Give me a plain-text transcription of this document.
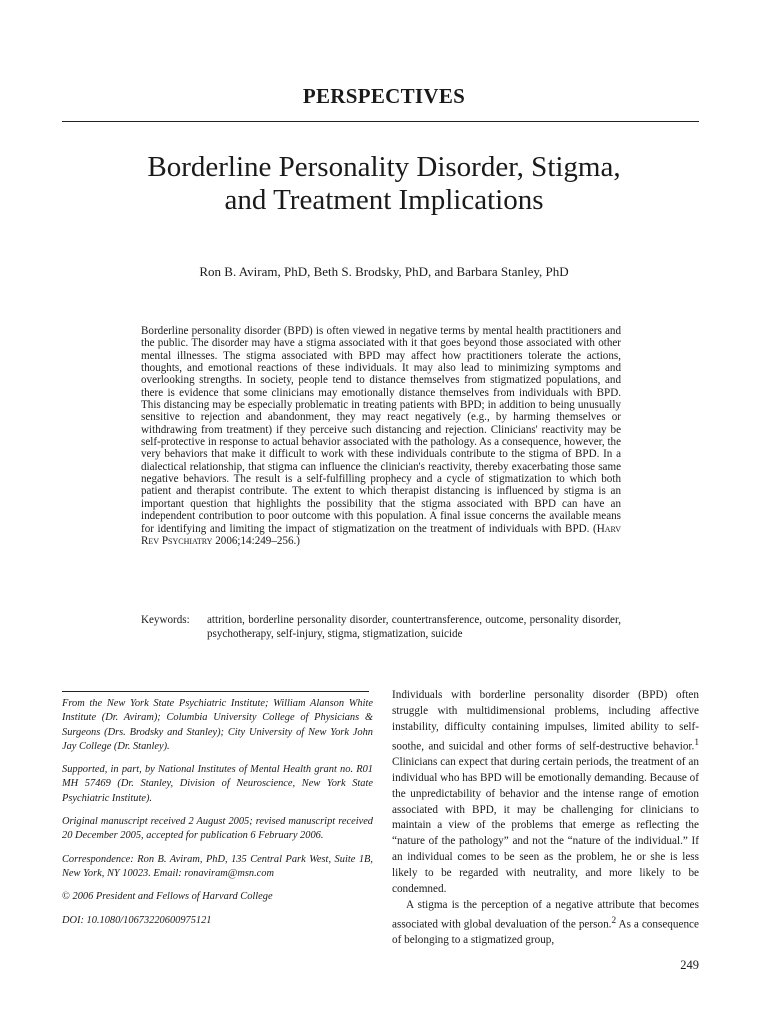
PERSPECTIVES
Borderline Personality Disorder, Stigma,
and Treatment Implications
Ron B. Aviram, PhD, Beth S. Brodsky, PhD, and Barbara Stanley, PhD

Borderline personality disorder (BPD) is often viewed in negative terms by mental health practitioners and the public. The disorder may have a stigma associated with it that goes beyond those associated with other mental illnesses. The stigma associated with BPD may affect how practitioners tolerate the actions, thoughts, and emotional reactions of these individuals. It may also lead to minimizing symptoms and overlooking strengths. In society, people tend to distance themselves from stigmatized populations, and there is evidence that some clinicians may emotionally distance themselves from individuals with BPD. This distancing may be especially problematic in treating patients with BPD; in addition to being unusually sensitive to rejection and abandonment, they may react negatively (e.g., by harming themselves or withdrawing from treatment) if they perceive such distancing and rejection. Clinicians' reactivity may be self-protective in response to actual behavior associated with the pathology. As a consequence, however, the very behaviors that make it difficult to work with these individuals contribute to the stigma of BPD. In a dialectical relationship, that stigma can influence the clinician's reactivity, thereby exacerbating those same negative behaviors. The result is a self-fulfilling prophecy and a cycle of stigmatization to which both patient and therapist contribute. The extent to which therapist distancing is influenced by stigma is an important question that highlights the possibility that the stigma associated with BPD can have an independent contribution to poor outcome with this population. A final issue concerns the available means for identifying and limiting the impact of stigmatization on the treatment of individuals with BPD. (Harv Rev Psychiatry 2006;14:249–256.)

Keywords:	attrition, borderline personality disorder, countertransference, outcome, personality disorder, psychotherapy, self-injury, stigma, stigmatization, suicide

From the New York State Psychiatric Institute; William Alanson White Institute (Dr. Aviram); Columbia University College of Physicians & Surgeons (Drs. Brodsky and Stanley); City University of New York John Jay College (Dr. Stanley).

Supported, in part, by National Institutes of Mental Health grant no. R01 MH 57469 (Dr. Stanley, Division of Neuroscience, New York State Psychiatric Institute).

Original manuscript received 2 August 2005; revised manuscript received 20 December 2005, accepted for publication 6 February 2006.

Correspondence: Ron B. Aviram, PhD, 135 Central Park West, Suite 1B, New York, NY 10023. Email: ronaviram@msn.com

© 2006 President and Fellows of Harvard College

DOI: 10.1080/10673220600975121

Individuals with borderline personality disorder (BPD) often struggle with multidimensional problems, including affective instability, difficulty containing impulses, limited ability to self-soothe, and suicidal and other forms of self-destructive behavior.$^1$ Clinicians can expect that during certain periods, the treatment of an individual who has BPD will be emotionally demanding. Because of the unpredictability of behavior and the intense range of emotion associated with BPD, it may be challenging for clinicians to maintain a view of the problems that emerge as reflecting the “nature of the pathology” and not the “nature of the individual.” If an individual comes to be seen as the problem, he or she is less likely to be regarded with neutrality, and more likely to be condemned.

A stigma is the perception of a negative attribute that becomes associated with global devaluation of the person.$^2$ As a consequence of belonging to a stigmatized group,

249
